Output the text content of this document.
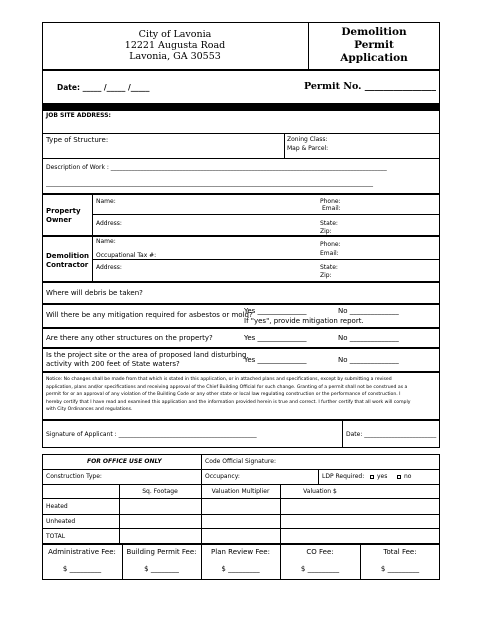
City of Lavonia
12221 Augusta Road
Lavonia, GA 30553
Demolition
Permit
Application
Date: _____ /_____ /_____	Permit No. _______________
JOB SITE ADDRESS:
Type of Structure:	Zoning Class:
Map & Parcel:
Description of Work : ____________________________________________________________________________________________
_____________________________________________________________________________________________________________
Property
Owner
Name:	Phone:
Email:
Address:	State:
Zip:
Demolition
Contractor
Name:
Occupational Tax #:
Phone:
Email:
Address:	State:
Zip:
Where will debris be taken?
Will there be any mitigation required for asbestos or mold?
Yes ______________	No ______________
If "yes", provide mitigation report.
Are there any other structures on the property?	Yes ______________	No ______________
Is the project site or the area of proposed land disturbing
activity with 200 feet of State waters?	Yes ______________	No ______________
Notice: No changes shall be made from that which is stated in this application, or in attached plans and specifications, except by submitting a revised
application, plans and/or specifications and receiving approval of the Chief Building Official for such change. Granting of a permit shall not be construed as a
permit for or an approval of any violation of the Building Code or any other state or local law regulating construction or the performance of construction. I
hereby certify that I have read and examined this application and the information provided herein is true and correct. I further certify that all work will comply
with City Ordinances and regulations.
Signature of Applicant : ______________________________________________	Date: ________________________
FOR OFFICE USE ONLY	Code Official Signature:
Construction Type:	Occupancy:	LDP Required: yes	no
Sq. Footage	Valuation Multiplier	Valuation $
Heated
Unheated
TOTAL
Administrative Fee:
$ _________
Building Permit Fee:
$ ________
Plan Review Fee:
$ _________
CO Fee:
$ _________
Total Fee:
$ _________
